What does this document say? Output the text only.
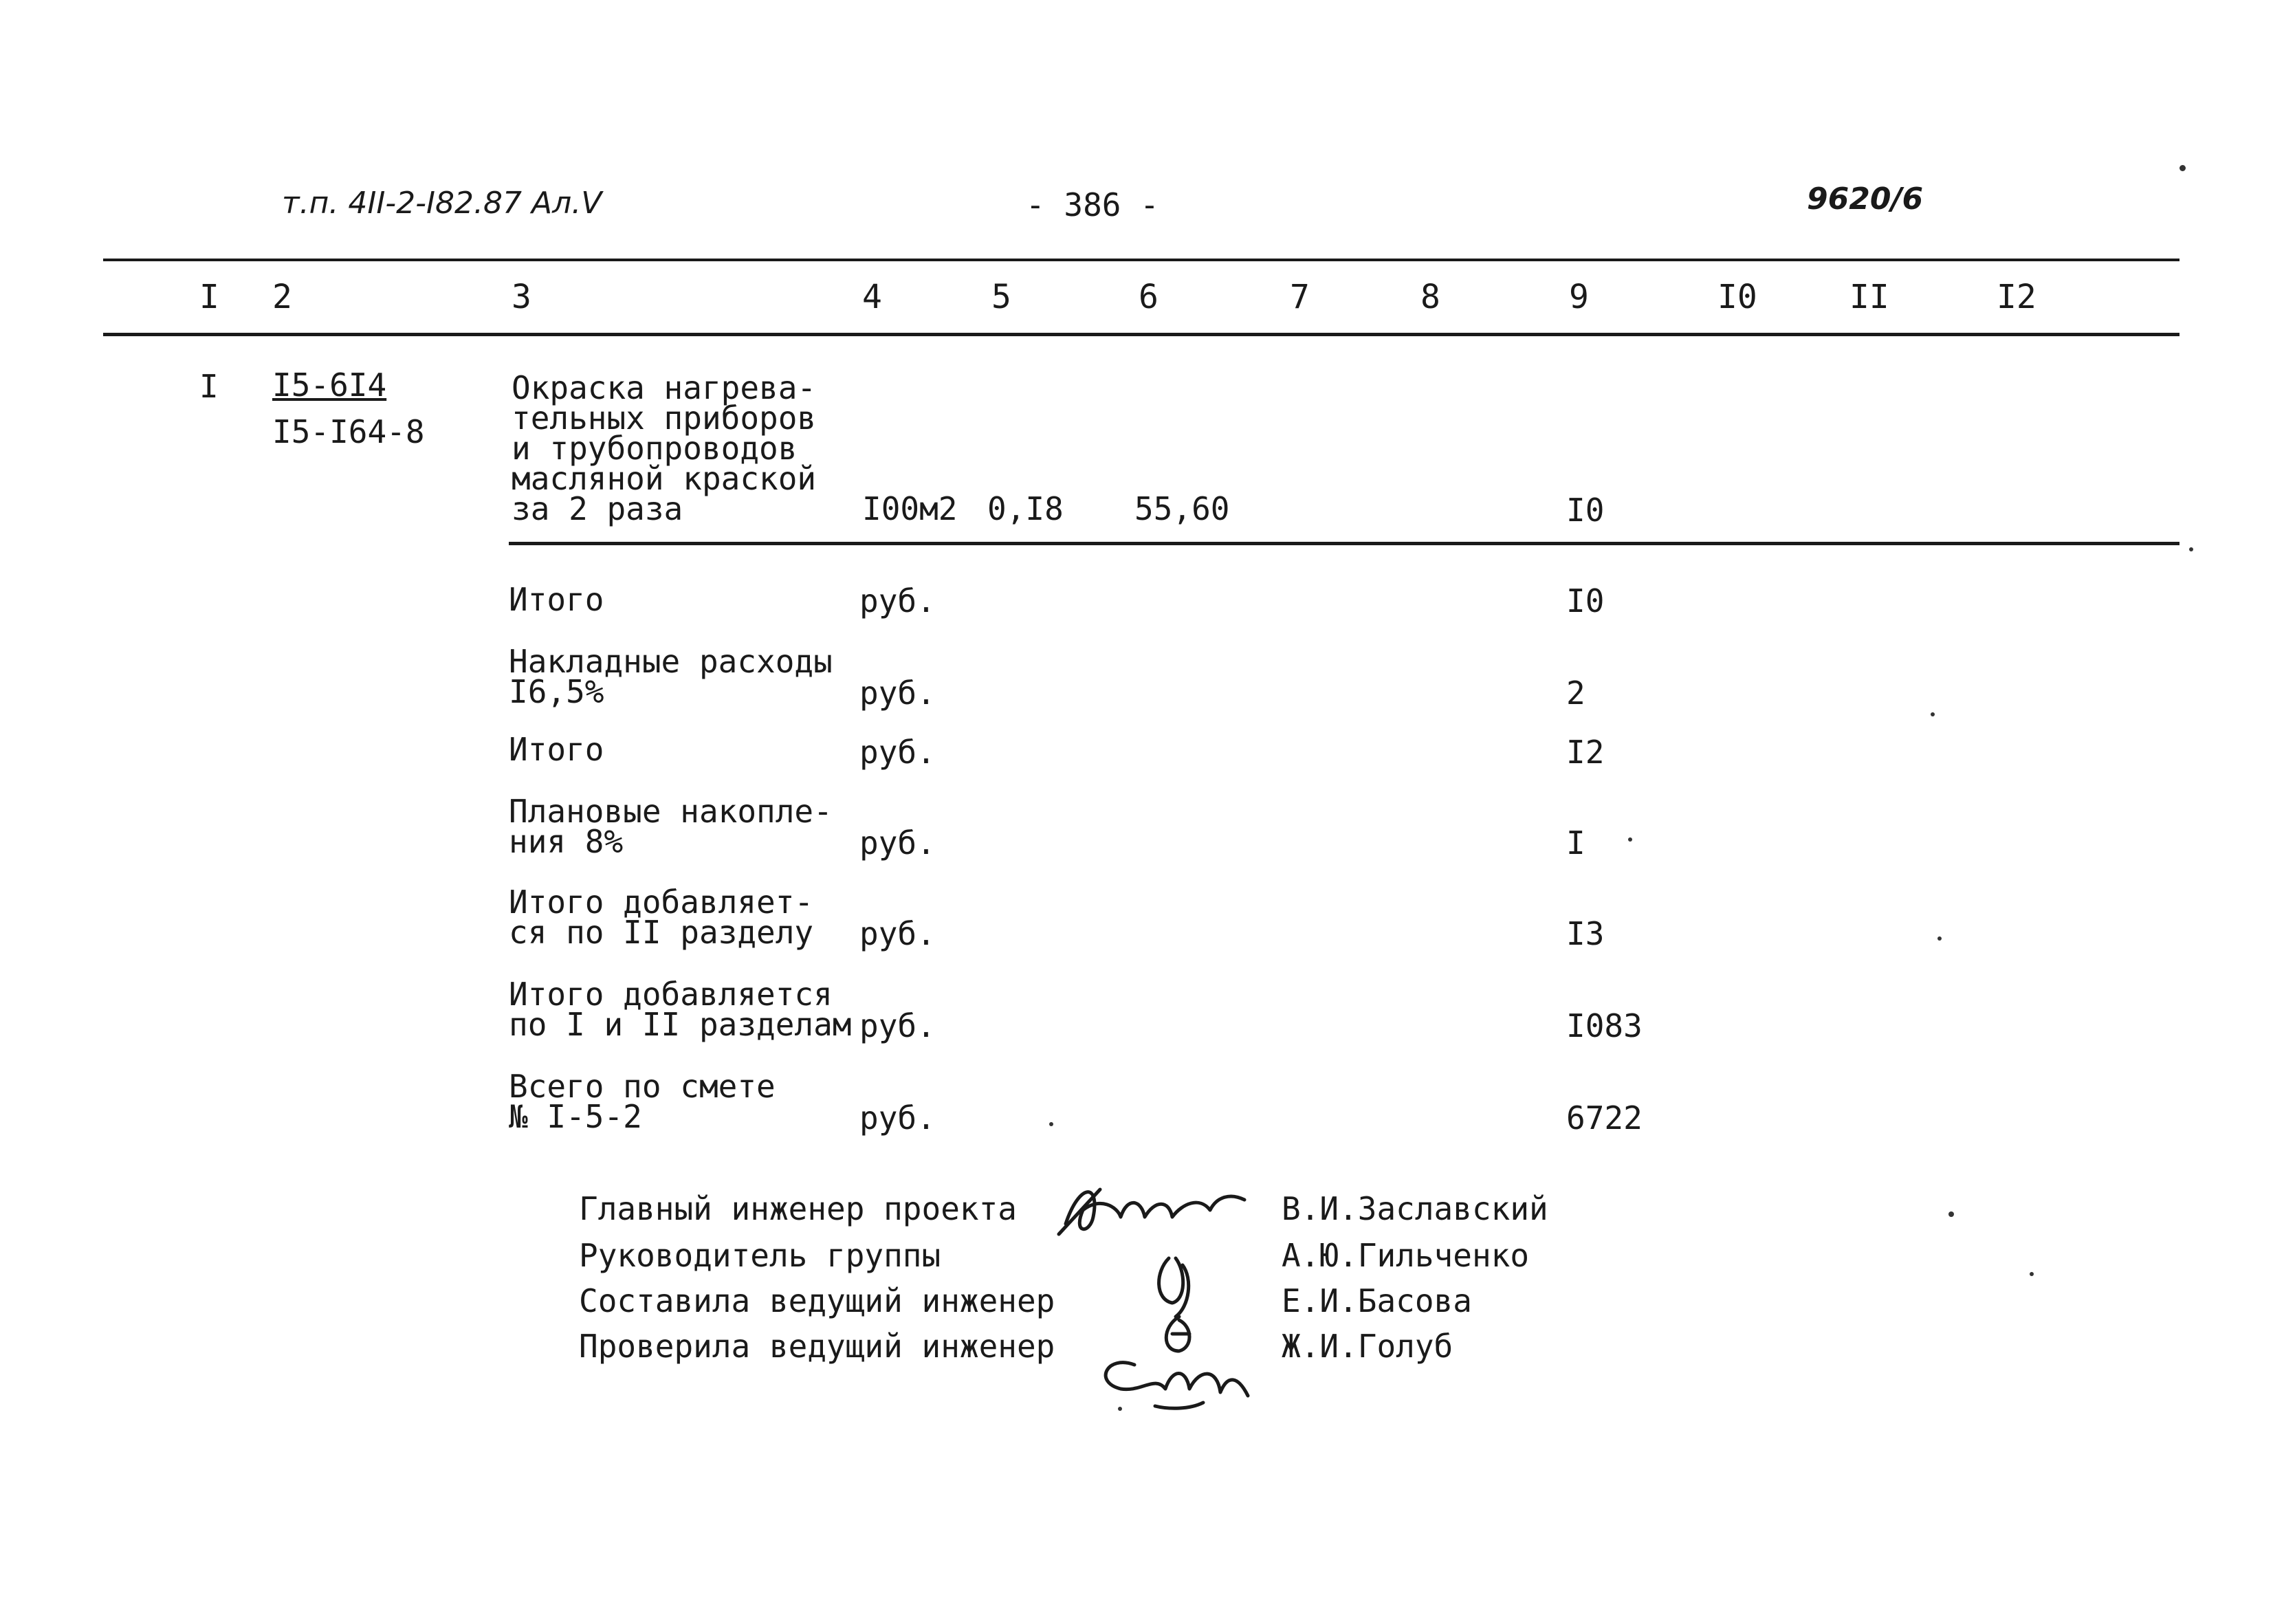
т.п. 4II-2-I82.87 Ал.V	- 386 -	9620/6
I 2	3	4	5	6	7	8	9	I0	II	I2
I I5-6I4
I5-I64-8
Окраска нагрева-
тельных приборов
и трубопроводов
масляной краской
за 2 раза	I00м2 0,I8 55,60	I0
Итого	руб.	I0
Накладные расходы
I6,5%	руб.	2
Итого	руб.	I2
Плановые накопле-
ния 8%	руб.	I
Итого добавляет-
ся по II разделу руб.	I3
Итого добавляется
по I и II разделам руб.	I083
Всего по смете
№ I-5-2	руб.	6722
Главный инженер проекта	В.И.Заславский
Руководитель группы	А.Ю.Гильченко
Составила ведущий инженер	Е.И.Басова
Проверила ведущий инженер	Ж.И.Голуб
